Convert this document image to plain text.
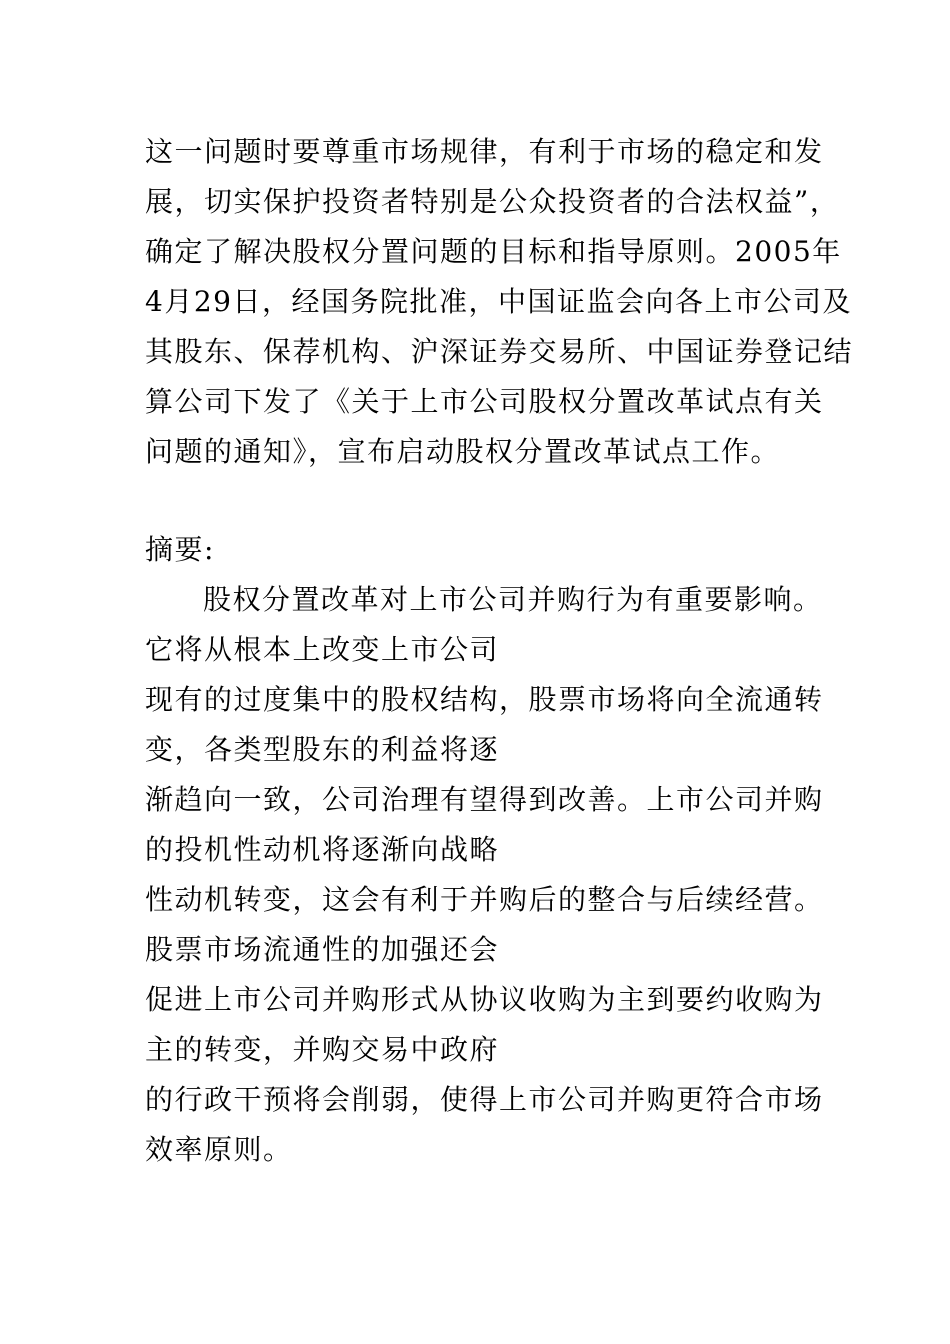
这一问题时要尊重市场规律，有利于市场的稳定和发
展，切实保护投资者特别是公众投资者的合法权益”，
确定了解决股权分置问题的目标和指导原则。2005年
4月29日，经国务院批准，中国证监会向各上市公司及
其股东、保荐机构、沪深证券交易所、中国证券登记结
算公司下发了《关于上市公司股权分置改革试点有关
问题的通知》，宣布启动股权分置改革试点工作。
摘要:
股权分置改革对上市公司并购行为有重要影响。
它将从根本上改变上市公司
现有的过度集中的股权结构，股票市场将向全流通转
变，各类型股东的利益将逐
渐趋向一致，公司治理有望得到改善。上市公司并购
的投机性动机将逐渐向战略
性动机转变，这会有利于并购后的整合与后续经营。
股票市场流通性的加强还会
促进上市公司并购形式从协议收购为主到要约收购为
主的转变，并购交易中政府
的行政干预将会削弱，使得上市公司并购更符合市场
效率原则。
